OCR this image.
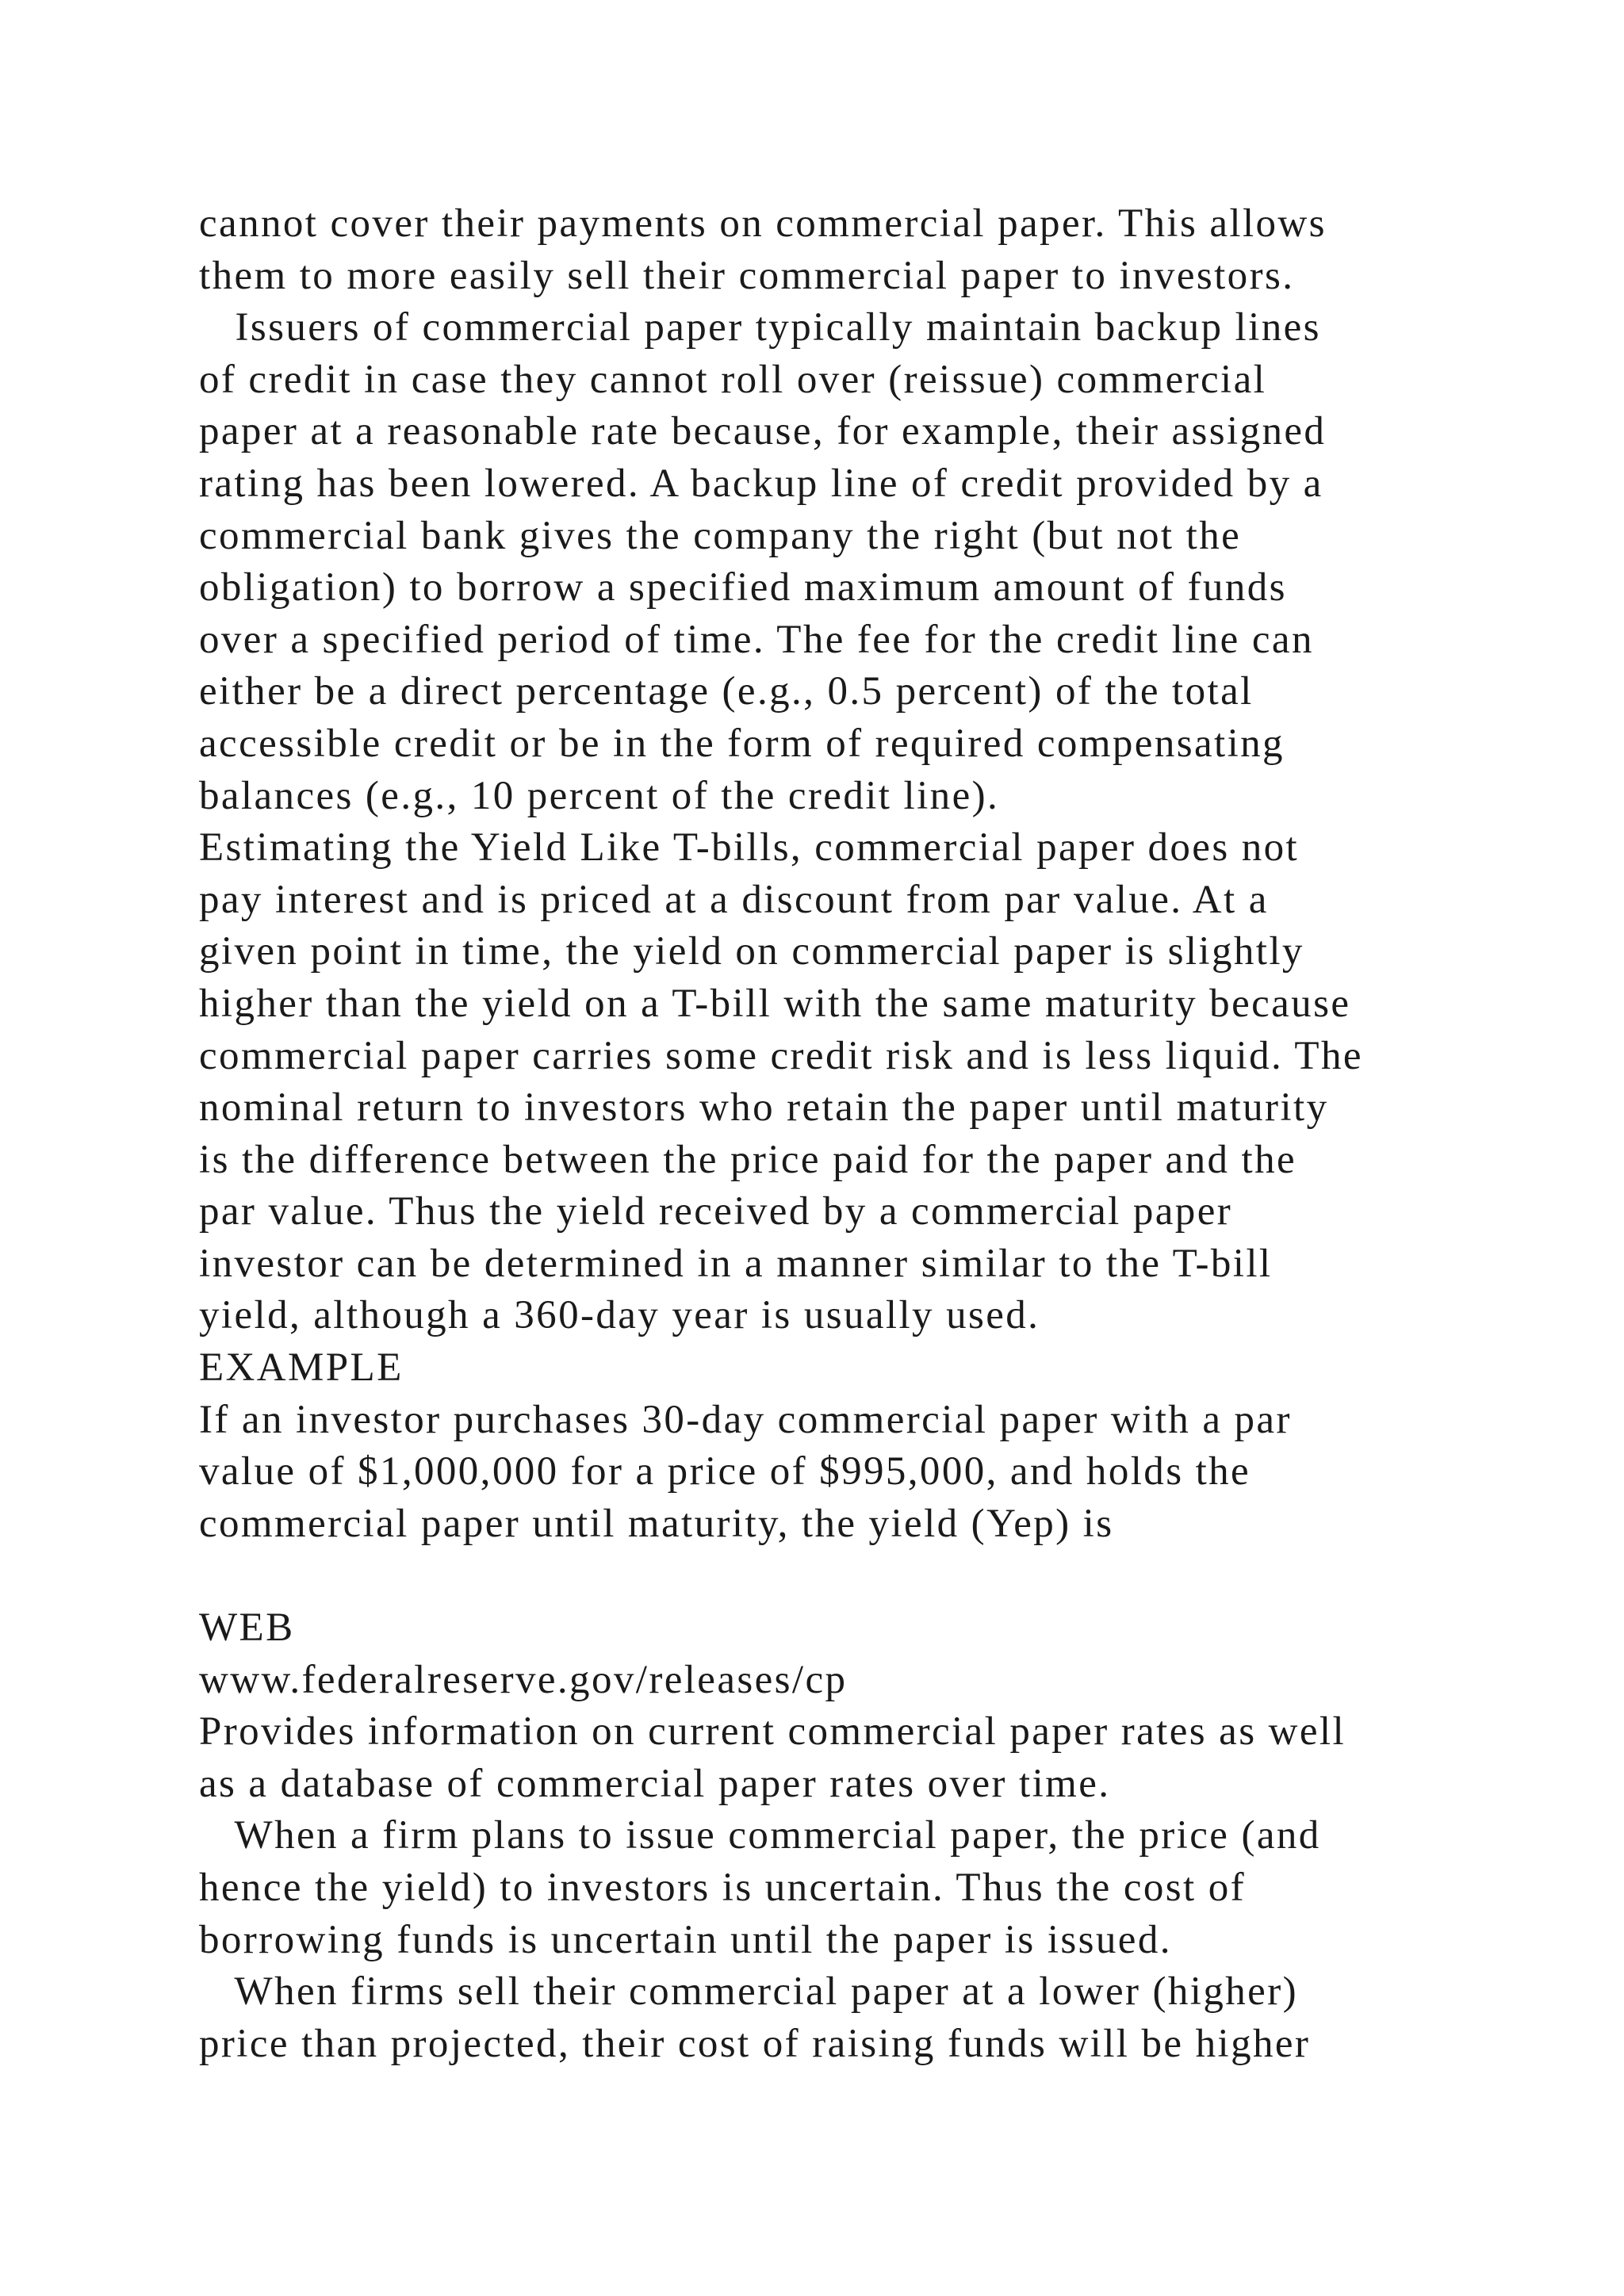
cannot cover their payments on commercial paper. This allows
them to more easily sell their commercial paper to investors.
Issuers of commercial paper typically maintain backup lines
of credit in case they cannot roll over (reissue) commercial
paper at a reasonable rate because, for example, their assigned
rating has been lowered. A backup line of credit provided by a
commercial bank gives the company the right (but not the
obligation) to borrow a specified maximum amount of funds
over a specified period of time. The fee for the credit line can
either be a direct percentage (e.g., 0.5 percent) of the total
accessible credit or be in the form of required compensating
balances (e.g., 10 percent of the credit line).
Estimating the Yield Like T-bills, commercial paper does not
pay interest and is priced at a discount from par value. At a
given point in time, the yield on commercial paper is slightly
higher than the yield on a T-bill with the same maturity because
commercial paper carries some credit risk and is less liquid. The
nominal return to investors who retain the paper until maturity
is the difference between the price paid for the paper and the
par value. Thus the yield received by a commercial paper
investor can be determined in a manner similar to the T-bill
yield, although a 360-day year is usually used.
EXAMPLE
If an investor purchases 30-day commercial paper with a par
value of $1,000,000 for a price of $995,000, and holds the
commercial paper until maturity, the yield (Yep) is
WEB
www.federalreserve.gov/releases/cp
Provides information on current commercial paper rates as well
as a database of commercial paper rates over time.
When a firm plans to issue commercial paper, the price (and
hence the yield) to investors is uncertain. Thus the cost of
borrowing funds is uncertain until the paper is issued.
When firms sell their commercial paper at a lower (higher)
price than projected, their cost of raising funds will be higher
